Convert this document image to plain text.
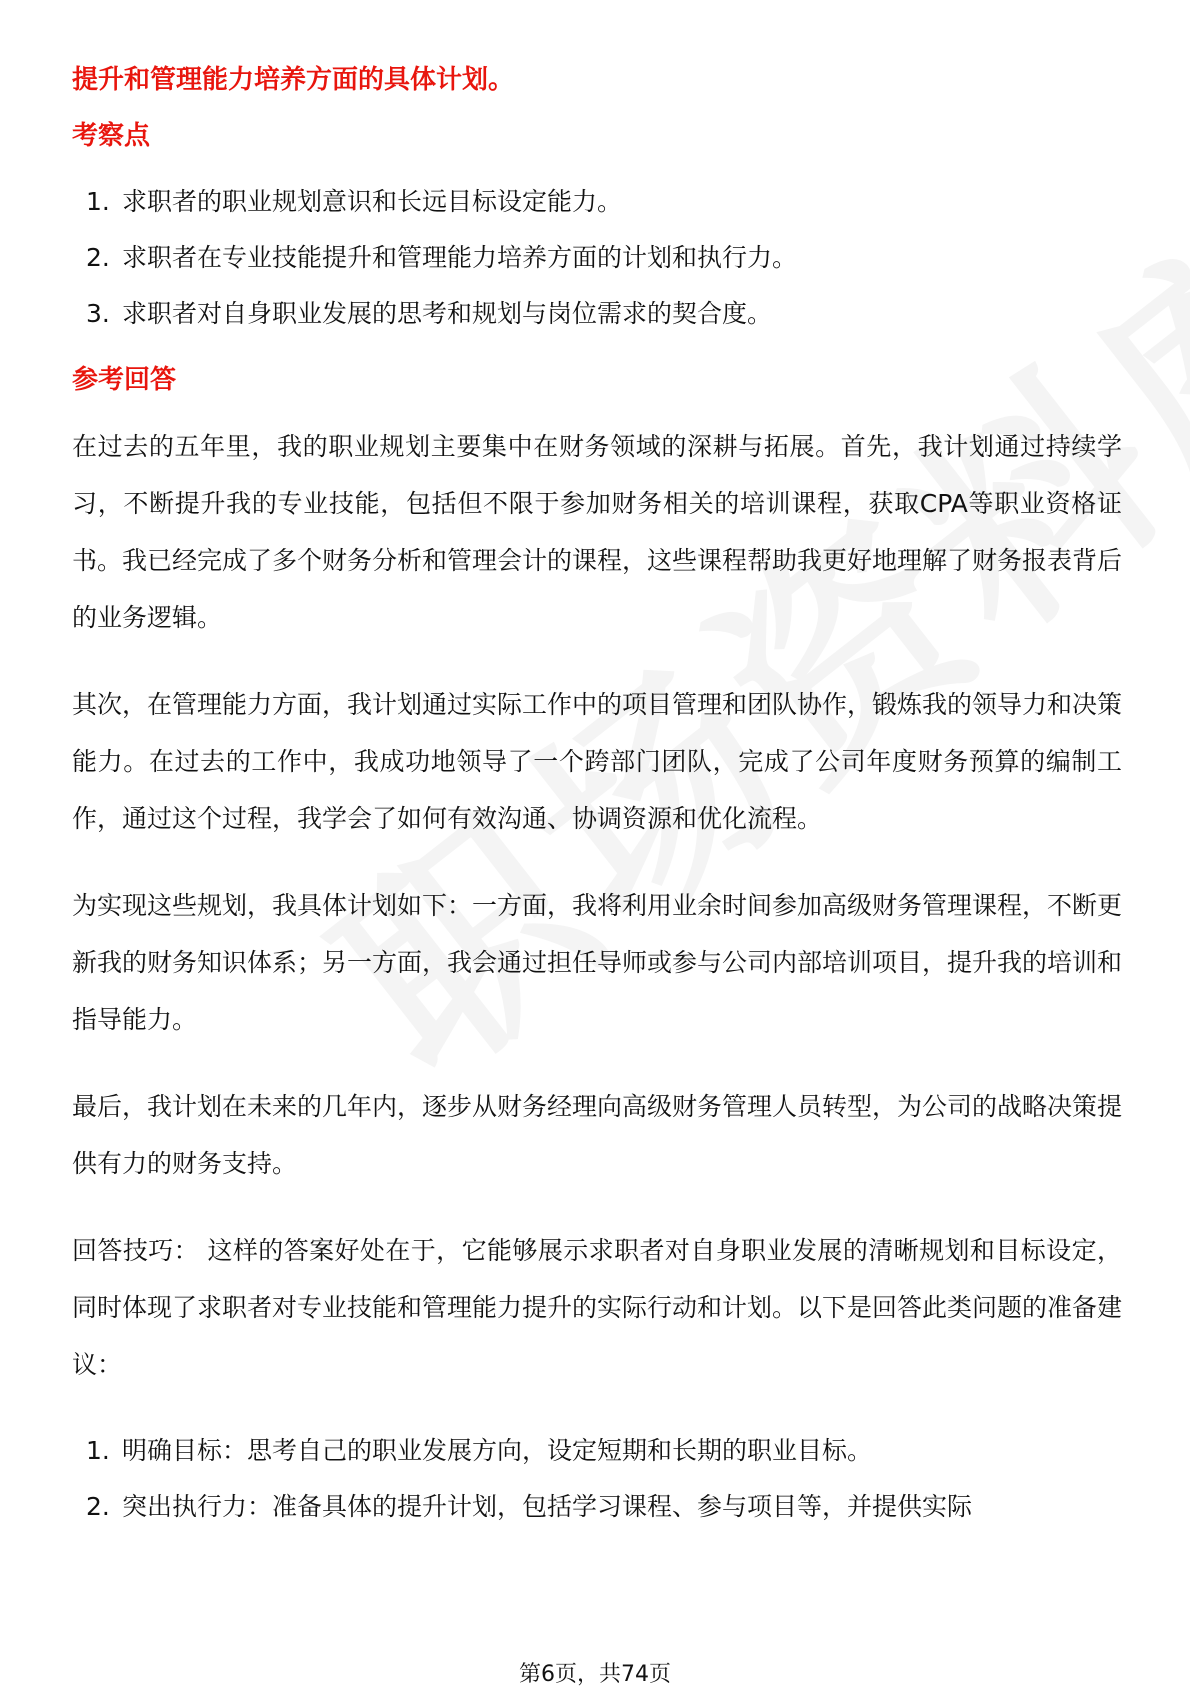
提升和管理能力培养方面的具体计划。
考察点
1. 求职者的职业规划意识和长远目标设定能力。
2. 求职者在专业技能提升和管理能力培养方面的计划和执行力。
3. 求职者对自身职业发展的思考和规划与岗位需求的契合度。
参考回答

在过去的五年里，我的职业规划主要集中在财务领域的深耕与拓展。首先，我计划通过持续学习，不断提升我的专业技能，包括但不限于参加财务相关的培训课程，获取CPA等职业资格证书。我已经完成了多个财务分析和管理会计的课程，这些课程帮助我更好地理解了财务报表背后的业务逻辑。

其次，在管理能力方面，我计划通过实际工作中的项目管理和团队协作，锻炼我的领导力和决策能力。在过去的工作中，我成功地领导了一个跨部门团队，完成了公司年度财务预算的编制工作，通过这个过程，我学会了如何有效沟通、协调资源和优化流程。

为实现这些规划，我具体计划如下：一方面，我将利用业余时间参加高级财务管理课程，不断更新我的财务知识体系；另一方面，我会通过担任导师或参与公司内部培训项目，提升我的培训和指导能力。

最后，我计划在未来的几年内，逐步从财务经理向高级财务管理人员转型，为公司的战略决策提供有力的财务支持。

回答技巧： 这样的答案好处在于，它能够展示求职者对自身职业发展的清晰规划和目标设定，同时体现了求职者对专业技能和管理能力提升的实际行动和计划。以下是回答此类问题的准备建议：

1. 明确目标：思考自己的职业发展方向，设定短期和长期的职业目标。
2. 突出执行力：准备具体的提升计划，包括学习课程、参与项目等，并提供实际
第6页，共74页
